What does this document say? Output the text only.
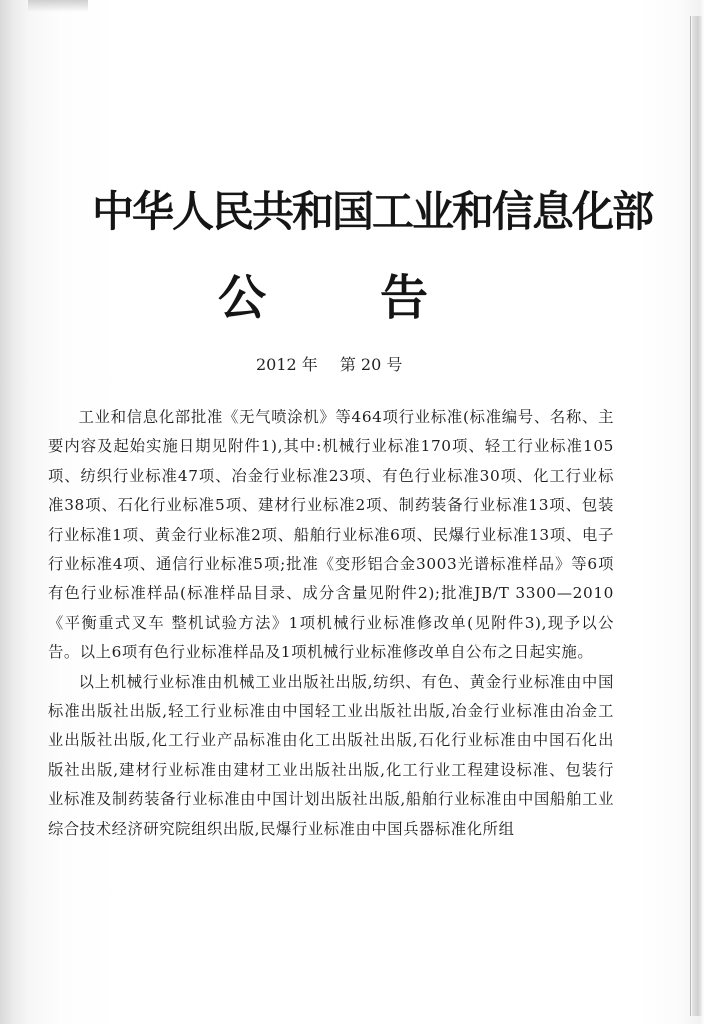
中华人民共和国工业和信息化部
公 告
2012 年 第 20 号

工业和信息化部批准《无气喷涂机》等464项行业标准(标准编号、名称、主要内容及起始实施日期见附件1),其中:机械行业标准170项、轻工行业标准105项、纺织行业标准47项、冶金行业标准23项、有色行业标准30项、化工行业标准38项、石化行业标准5项、建材行业标准2项、制药装备行业标准13项、包装行业标准1项、黄金行业标准2项、船舶行业标准6项、民爆行业标准13项、电子行业标准4项、通信行业标准5项;批准《变形铝合金3003光谱标准样品》等6项有色行业标准样品(标准样品目录、成分含量见附件2);批准JB/T 3300—2010《平衡重式叉车 整机试验方法》1项机械行业标准修改单(见附件3),现予以公告。以上6项有色行业标准样品及1项机械行业标准修改单自公布之日起实施。

以上机械行业标准由机械工业出版社出版,纺织、有色、黄金行业标准由中国标准出版社出版,轻工行业标准由中国轻工业出版社出版,冶金行业标准由冶金工业出版社出版,化工行业产品标准由化工出版社出版,石化行业标准由中国石化出版社出版,建材行业标准由建材工业出版社出版,化工行业工程建设标准、包装行业标准及制药装备行业标准由中国计划出版社出版,船舶行业标准由中国船舶工业综合技术经济研究院组织出版,民爆行业标准由中国兵器标准化所组
